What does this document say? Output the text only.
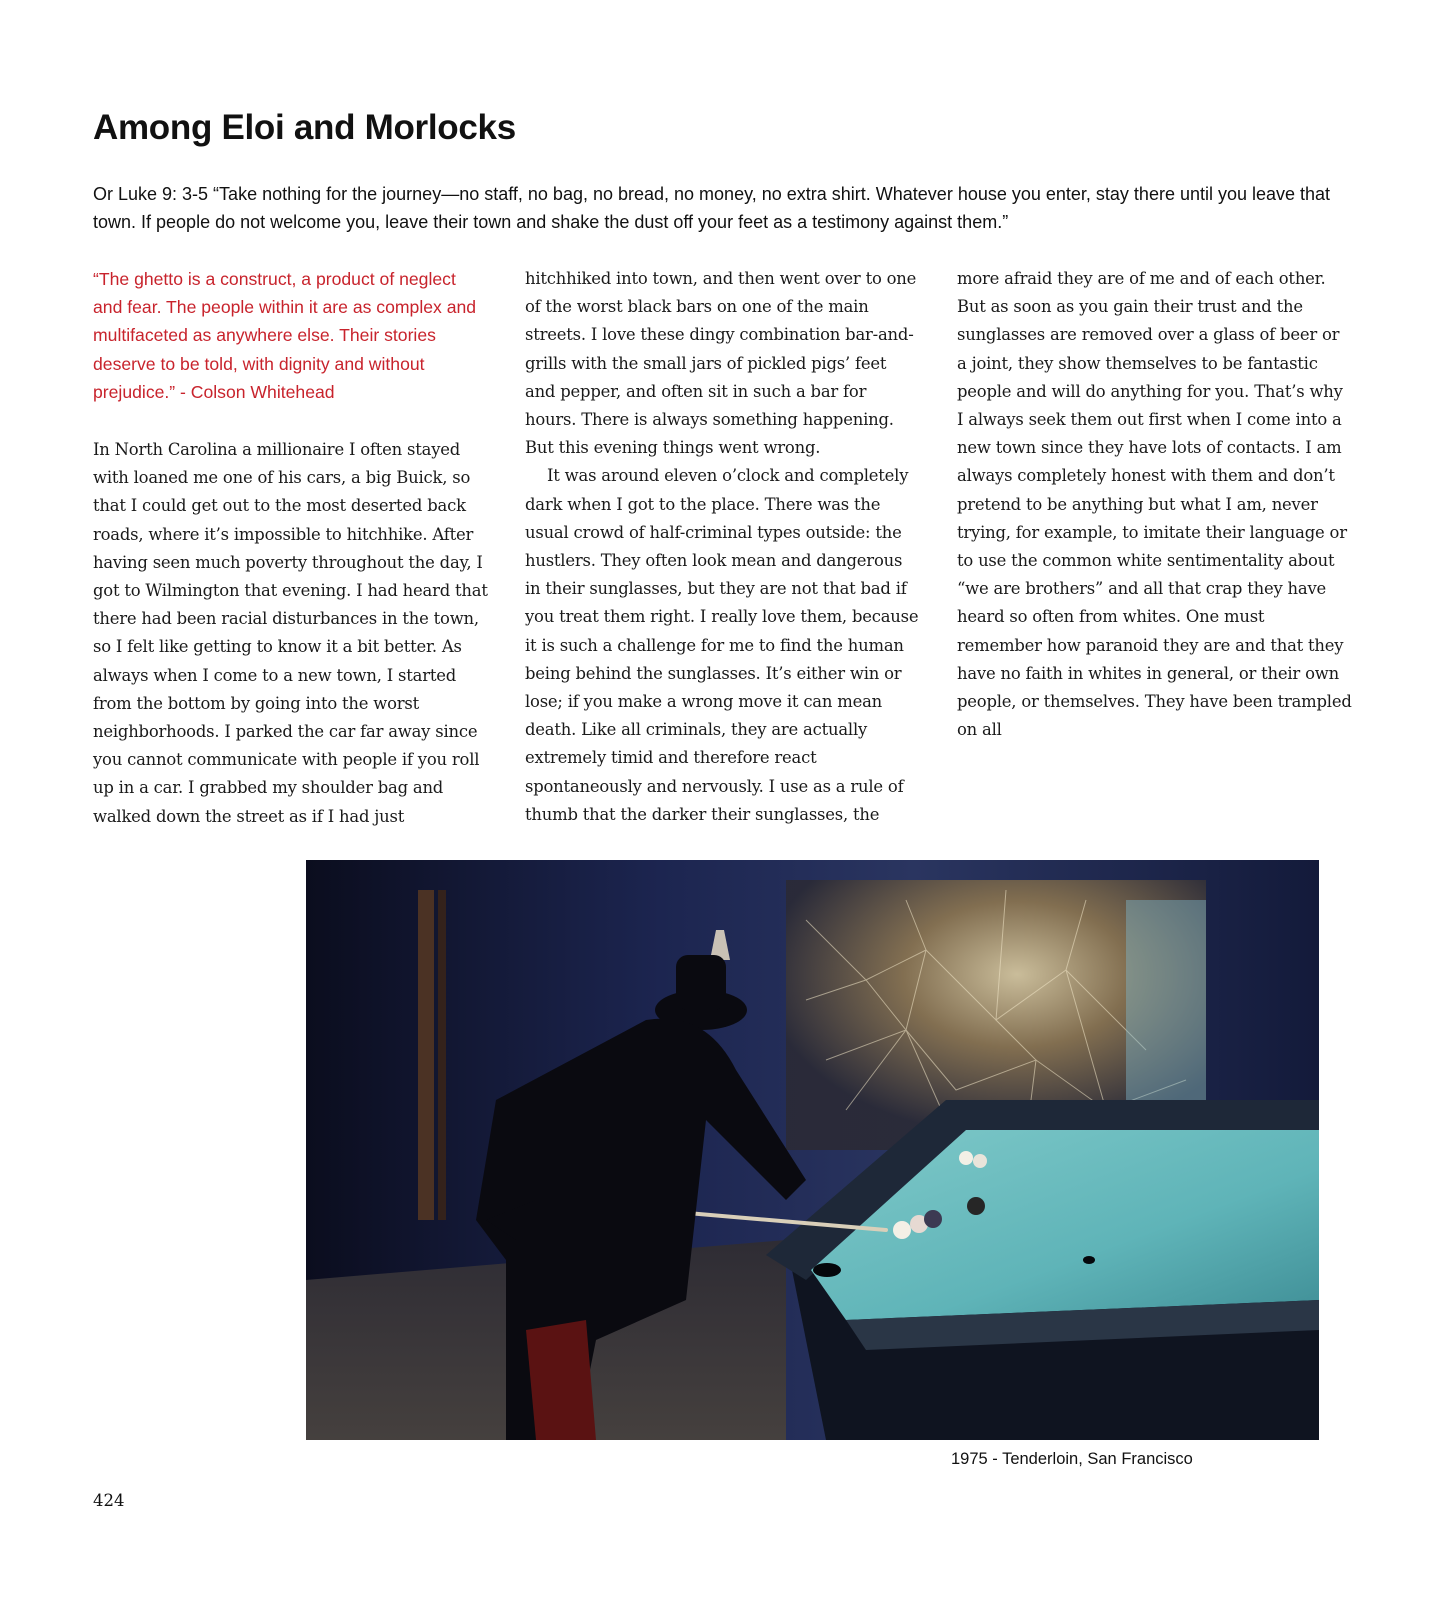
Among Eloi and Morlocks

Or Luke 9: 3-5 “Take nothing for the journey—no staff, no bag, no bread, no money, no extra shirt. Whatever house you enter, stay there until you leave that town. If people do not welcome you, leave their town and shake the dust off your feet as a testimony against them.”

“The ghetto is a construct, a product of neglect and fear. The people within it are as complex and multifaceted as anywhere else. Their stories deserve to be told, with dignity and without prejudice.” - Colson Whitehead

In North Carolina a millionaire I often stayed with loaned me one of his cars, a big Buick, so that I could get out to the most deserted back roads, where it’s impossible to hitchhike. After having seen much poverty throughout the day, I got to Wilmington that evening. I had heard that there had been racial disturbances in the town, so I felt like getting to know it a bit better. As always when I come to a new town, I started from the bottom by going into the worst neighborhoods. I parked the car far away since you cannot communicate with people if you roll up in a car. I grabbed my shoulder bag and walked down the street as if I had just hitchhiked into town, and then went over to one of the worst black bars on one of the main streets. I love these dingy combination bar-and-grills with the small jars of pickled pigs’ feet and pepper, and often sit in such a bar for hours. There is always something happening. But this evening things went wrong.

It was around eleven o’clock and completely dark when I got to the place. There was the usual crowd of half-criminal types outside: the hustlers. They often look mean and dangerous in their sunglasses, but they are not that bad if you treat them right. I really love them, because it is such a challenge for me to find the human being behind the sunglasses. It’s either win or lose; if you make a wrong move it can mean death. Like all criminals, they are actually extremely timid and therefore react spontaneously and nervously. I use as a rule of thumb that the darker their sunglasses, the more afraid they are of me and of each other. But as soon as you gain their trust and the sunglasses are removed over a glass of beer or a joint, they show themselves to be fantastic people and will do anything for you. That’s why I always seek them out first when I come into a new town since they have lots of contacts. I am always completely honest with them and don’t pretend to be anything but what I am, never trying, for example, to imitate their language or to use the common white sentimentality about “we are brothers” and all that crap they have heard so often from whites. One must remember how paranoid they are and that they have no faith in whites in general, or their own people, or themselves. They have been trampled on all

1975 - Tenderloin, San Francisco

424
